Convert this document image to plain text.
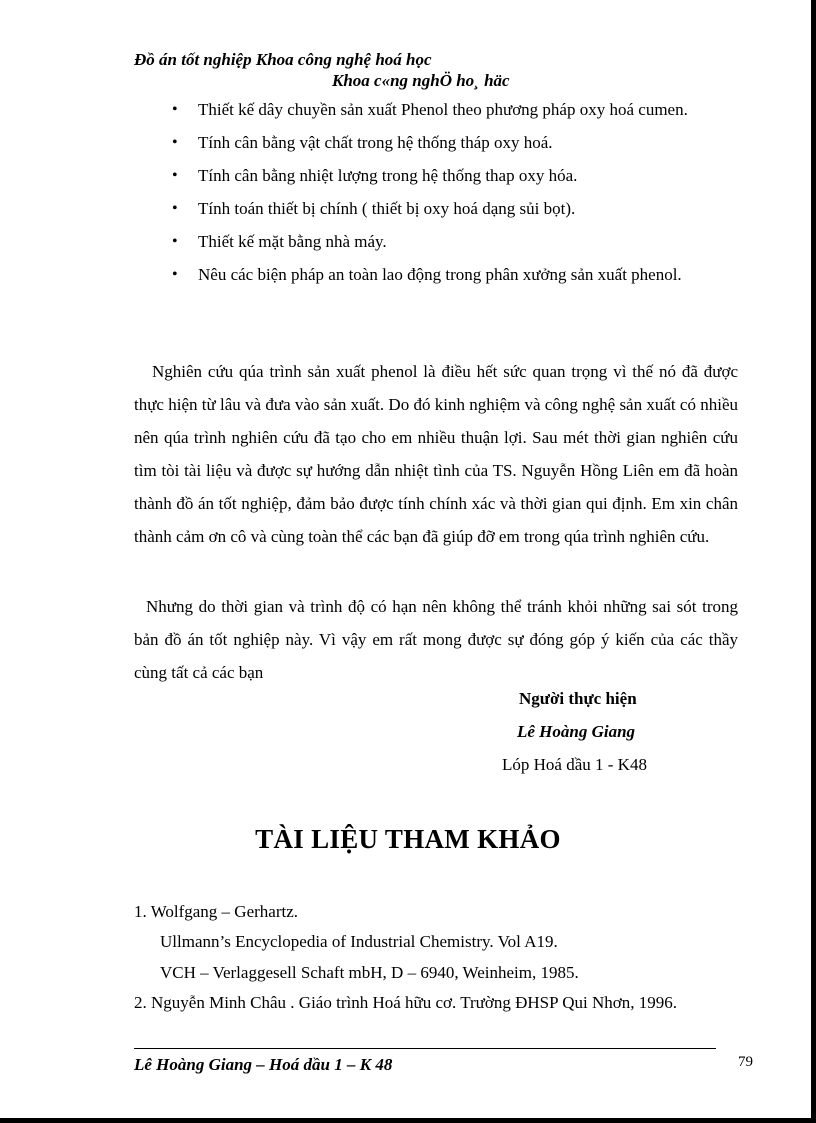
Đồ án tốt nghiệp Khoa công nghệ hoá học
Khoa c«ng nghÖ ho¸ häc
• Thiết kế dây chuyền sản xuất Phenol theo phương pháp oxy hoá cumen.
• Tính cân bằng vật chất trong hệ thống tháp oxy hoá.
• Tính cân bằng nhiệt lượng trong hệ thống thap oxy hóa.
• Tính toán thiết bị chính ( thiết bị oxy hoá dạng sủi bọt).
• Thiết kế mặt bằng nhà máy.
• Nêu các biện pháp an toàn lao động trong phân xưởng sản xuất phenol.

Nghiên cứu qúa trình sản xuất phenol là điều hết sức quan trọng vì thế nó đã được thực hiện từ lâu và đưa vào sản xuất. Do đó kinh nghiệm và công nghệ sản xuất có nhiều nên qúa trình nghiên cứu đã tạo cho em nhiều thuận lợi. Sau mét thời gian nghiên cứu tìm tòi tài liệu và được sự hướng dẫn nhiệt tình của TS. Nguyễn Hồng Liên em đã hoàn thành đồ án tốt nghiệp, đảm bảo được tính chính xác và thời gian qui định. Em xin chân thành cảm ơn cô và cùng toàn thể các bạn đã giúp đỡ em trong qúa trình nghiên cứu.

Nhưng do thời gian và trình độ có hạn nên không thể tránh khỏi những sai sót trong bản đồ án tốt nghiệp này. Vì vậy em rất mong được sự đóng góp ý kiến của các thầy cùng tất cả các bạn

Người thực hiện
Lê Hoàng Giang
Lóp Hoá dầu 1 - K48
TÀI LIỆU THAM KHẢO
1. Wolfgang – Gerhartz.
Ullmann’s Encyclopedia of Industrial Chemistry. Vol A19.
VCH – Verlaggesell Schaft mbH, D – 6940, Weinheim, 1985.
2. Nguyễn Minh Châu . Giáo trình Hoá hữu cơ. Trường ĐHSP Qui Nhơn, 1996.
Lê Hoàng Giang – Hoá dầu 1 – K 48	79
